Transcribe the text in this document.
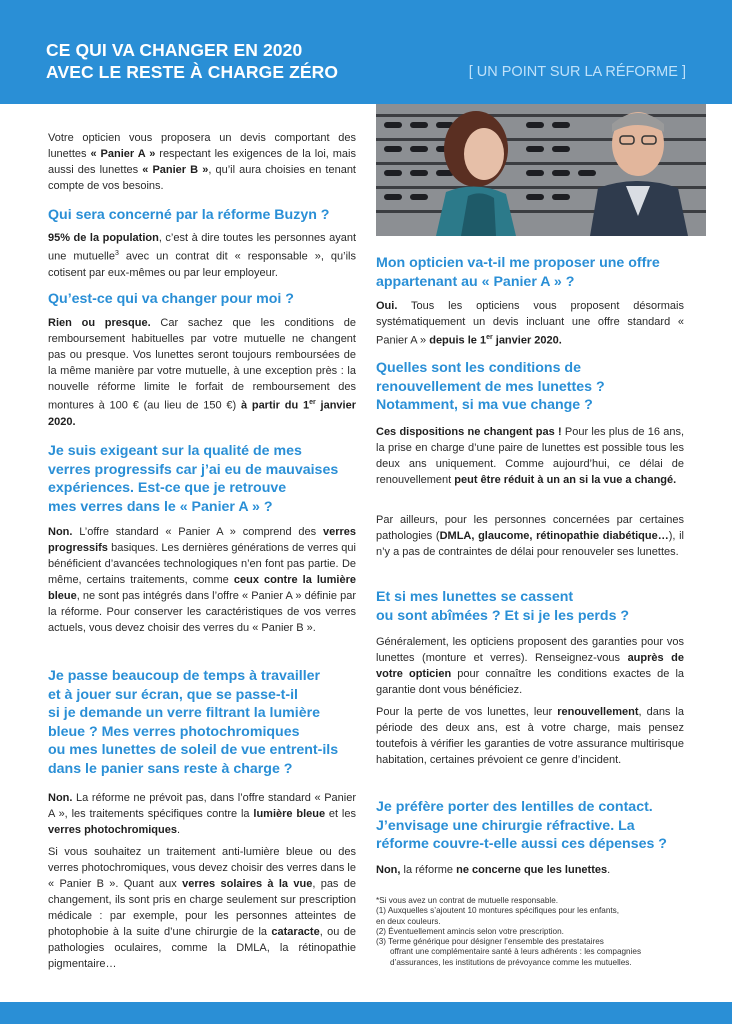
CE QUI VA CHANGER EN 2020
AVEC LE RESTE À CHARGE ZÉRO	[ UN POINT SUR LA RÉFORME ]

Votre opticien vous proposera un devis comportant des lunettes « Panier A » respectant les exigences de la loi, mais aussi des lunettes « Panier B », qu’il aura choisies en tenant compte de vos besoins.

Qui sera concerné par la réforme Buzyn ?

95% de la population, c’est à dire toutes les personnes ayant une mutuelle$^3$ avec un contrat dit « responsable », qu’ils cotisent par eux-mêmes ou par leur employeur.

Qu’est-ce qui va changer pour moi ?

Rien ou presque. Car sachez que les conditions de remboursement habituelles par votre mutuelle ne changent pas ou presque. Vos lunettes seront toujours remboursées de la même manière par votre mutuelle, à une exception près : la nouvelle réforme limite le forfait de remboursement des montures à 100 € (au lieu de 150 €) à partir du 1er janvier 2020.

Je suis exigeant sur la qualité de mes
verres progressifs car j’ai eu de mauvaises
expériences. Est-ce que je retrouve
mes verres dans le « Panier A » ?

Non. L’offre standard « Panier A » comprend des verres progressifs basiques. Les dernières générations de verres qui bénéficient d’avancées technologiques n’en font pas partie. De même, certains traitements, comme ceux contre la lumière bleue, ne sont pas intégrés dans l’offre « Panier A » définie par la réforme. Pour conserver les caractéristiques de vos verres actuels, vous devez choisir des verres du « Panier B ».

Je passe beaucoup de temps à travailler
et à jouer sur écran, que se passe-t-il
si je demande un verre filtrant la lumière
bleue ? Mes verres photochromiques
ou mes lunettes de soleil de vue entrent-ils
dans le panier sans reste à charge ?

Non. La réforme ne prévoit pas, dans l’offre standard « Panier A », les traitements spécifiques contre la lumière bleue et les verres photochromiques.

Si vous souhaitez un traitement anti-lumière bleue ou des verres photochromiques, vous devez choisir des verres dans le « Panier B ». Quant aux verres solaires à la vue, pas de changement, ils sont pris en charge seulement sur prescription médicale : par exemple, pour les personnes atteintes de photophobie à la suite d’une chirurgie de la cataracte, ou de pathologies oculaires, comme la DMLA, la rétinopathie pigmentaire…

Mon opticien va-t-il me proposer une offre
appartenant au « Panier A » ?

Oui. Tous les opticiens vous proposent désormais systématiquement un devis incluant une offre standard « Panier A » depuis le 1er janvier 2020.

Quelles sont les conditions de
renouvellement de mes lunettes ?
Notamment, si ma vue change ?

Ces dispositions ne changent pas ! Pour les plus de 16 ans, la prise en charge d’une paire de lunettes est possible tous les deux ans uniquement. Comme aujourd’hui, ce délai de renouvellement peut être réduit à un an si la vue a changé.

Par ailleurs, pour les personnes concernées par certaines pathologies (DMLA, glaucome, rétinopathie diabétique…), il n’y a pas de contraintes de délai pour renouveler ses lunettes.

Et si mes lunettes se cassent
ou sont abîmées ? Et si je les perds ?

Généralement, les opticiens proposent des garanties pour vos lunettes (monture et verres). Renseignez-vous auprès de votre opticien pour connaître les conditions exactes de la garantie dont vous bénéficiez.

Pour la perte de vos lunettes, leur renouvellement, dans la période des deux ans, est à votre charge, mais pensez toutefois à vérifier les garanties de votre assurance multirisque habitation, certaines prévoient ce genre d’incident.

Je préfère porter des lentilles de contact.
J’envisage une chirurgie réfractive. La
réforme couvre-t-elle aussi ces dépenses ?

Non, la réforme ne concerne que les lunettes.

*Si vous avez un contrat de mutuelle responsable.
(1) Auxquelles s’ajoutent 10 montures spécifiques pour les enfants,
en deux couleurs.
(2) Éventuellement amincis selon votre prescription.
(3) Terme générique pour désigner l’ensemble des prestataires
offrant une complémentaire santé à leurs adhérents : les compagnies
d’assurances, les institutions de prévoyance comme les mutuelles.
